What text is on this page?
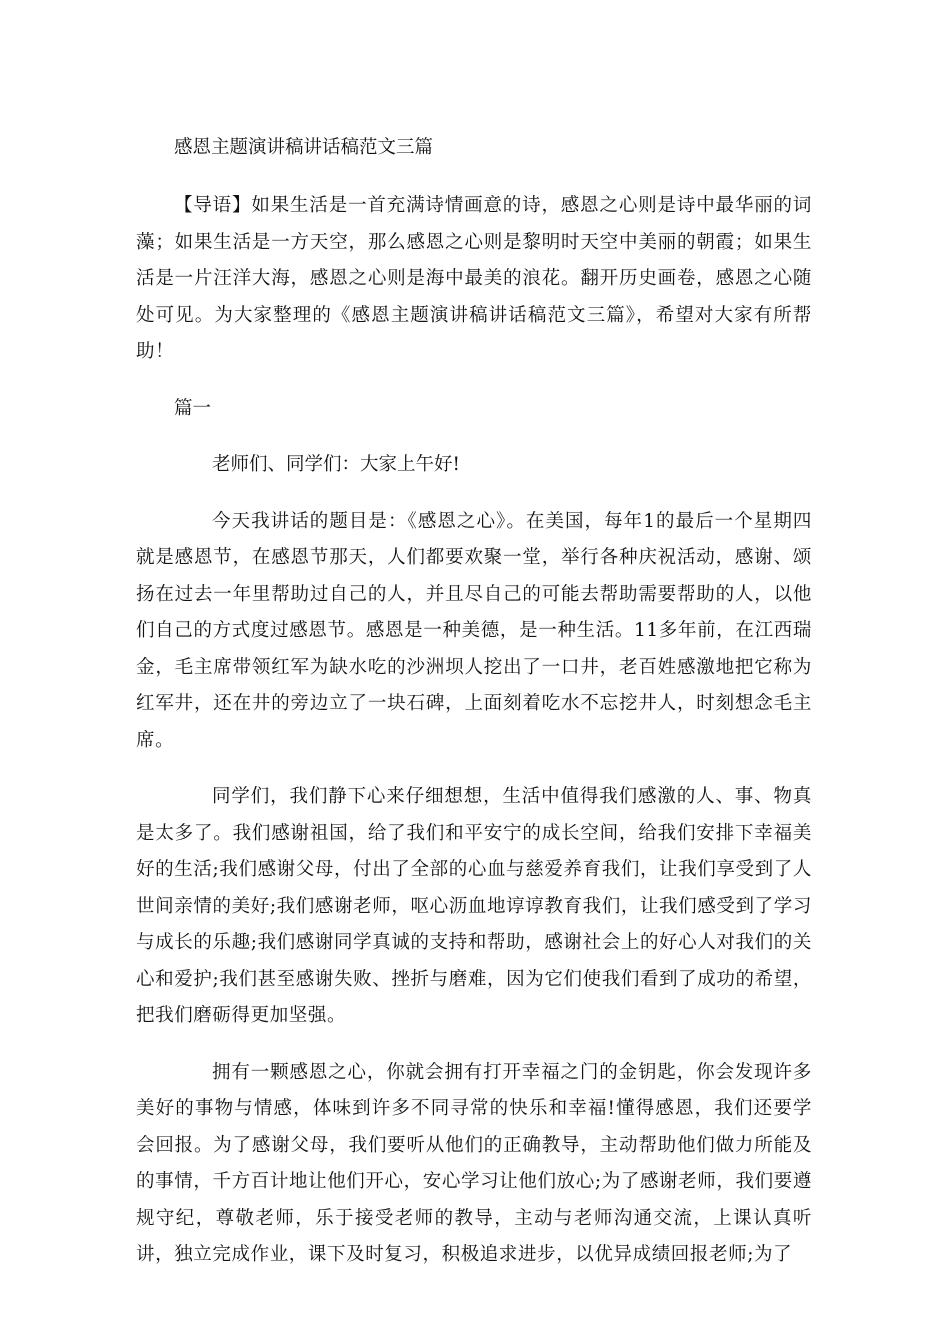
感恩主题演讲稿讲话稿范文三篇

【导语】如果生活是一首充满诗情画意的诗，感恩之心则是诗中最华丽的词藻；如果生活是一方天空，那么感恩之心则是黎明时天空中美丽的朝霞；如果生活是一片汪洋大海，感恩之心则是海中最美的浪花。翻开历史画卷，感恩之心随处可见。为大家整理的《感恩主题演讲稿讲话稿范文三篇》，希望对大家有所帮助！

篇一
老师们、同学们：大家上午好!

今天我讲话的题目是：《感恩之心》。在美国，每年1的最后一个星期四就是感恩节，在感恩节那天，人们都要欢聚一堂，举行各种庆祝活动，感谢、颂扬在过去一年里帮助过自己的人，并且尽自己的可能去帮助需要帮助的人，以他们自己的方式度过感恩节。感恩是一种美德，是一种生活。11多年前，在江西瑞金，毛主席带领红军为缺水吃的沙洲坝人挖出了一口井，老百姓感激地把它称为红军井，还在井的旁边立了一块石碑，上面刻着吃水不忘挖井人，时刻想念毛主席。

同学们，我们静下心来仔细想想，生活中值得我们感激的人、事、物真是太多了。我们感谢祖国，给了我们和平安宁的成长空间，给我们安排下幸福美好的生活;我们感谢父母，付出了全部的心血与慈爱养育我们，让我们享受到了人世间亲情的美好;我们感谢老师，呕心沥血地谆谆教育我们，让我们感受到了学习与成长的乐趣;我们感谢同学真诚的支持和帮助，感谢社会上的好心人对我们的关心和爱护;我们甚至感谢失败、挫折与磨难，因为它们使我们看到了成功的希望，把我们磨砺得更加坚强。

拥有一颗感恩之心，你就会拥有打开幸福之门的金钥匙，你会发现许多美好的事物与情感，体味到许多不同寻常的快乐和幸福!懂得感恩，我们还要学会回报。为了感谢父母，我们要听从他们的正确教导，主动帮助他们做力所能及的事情，千方百计地让他们开心，安心学习让他们放心;为了感谢老师，我们要遵规守纪，尊敬老师，乐于接受老师的教导，主动与老师沟通交流，上课认真听讲，独立完成作业，课下及时复习，积极追求进步，以优异成绩回报老师;为了
